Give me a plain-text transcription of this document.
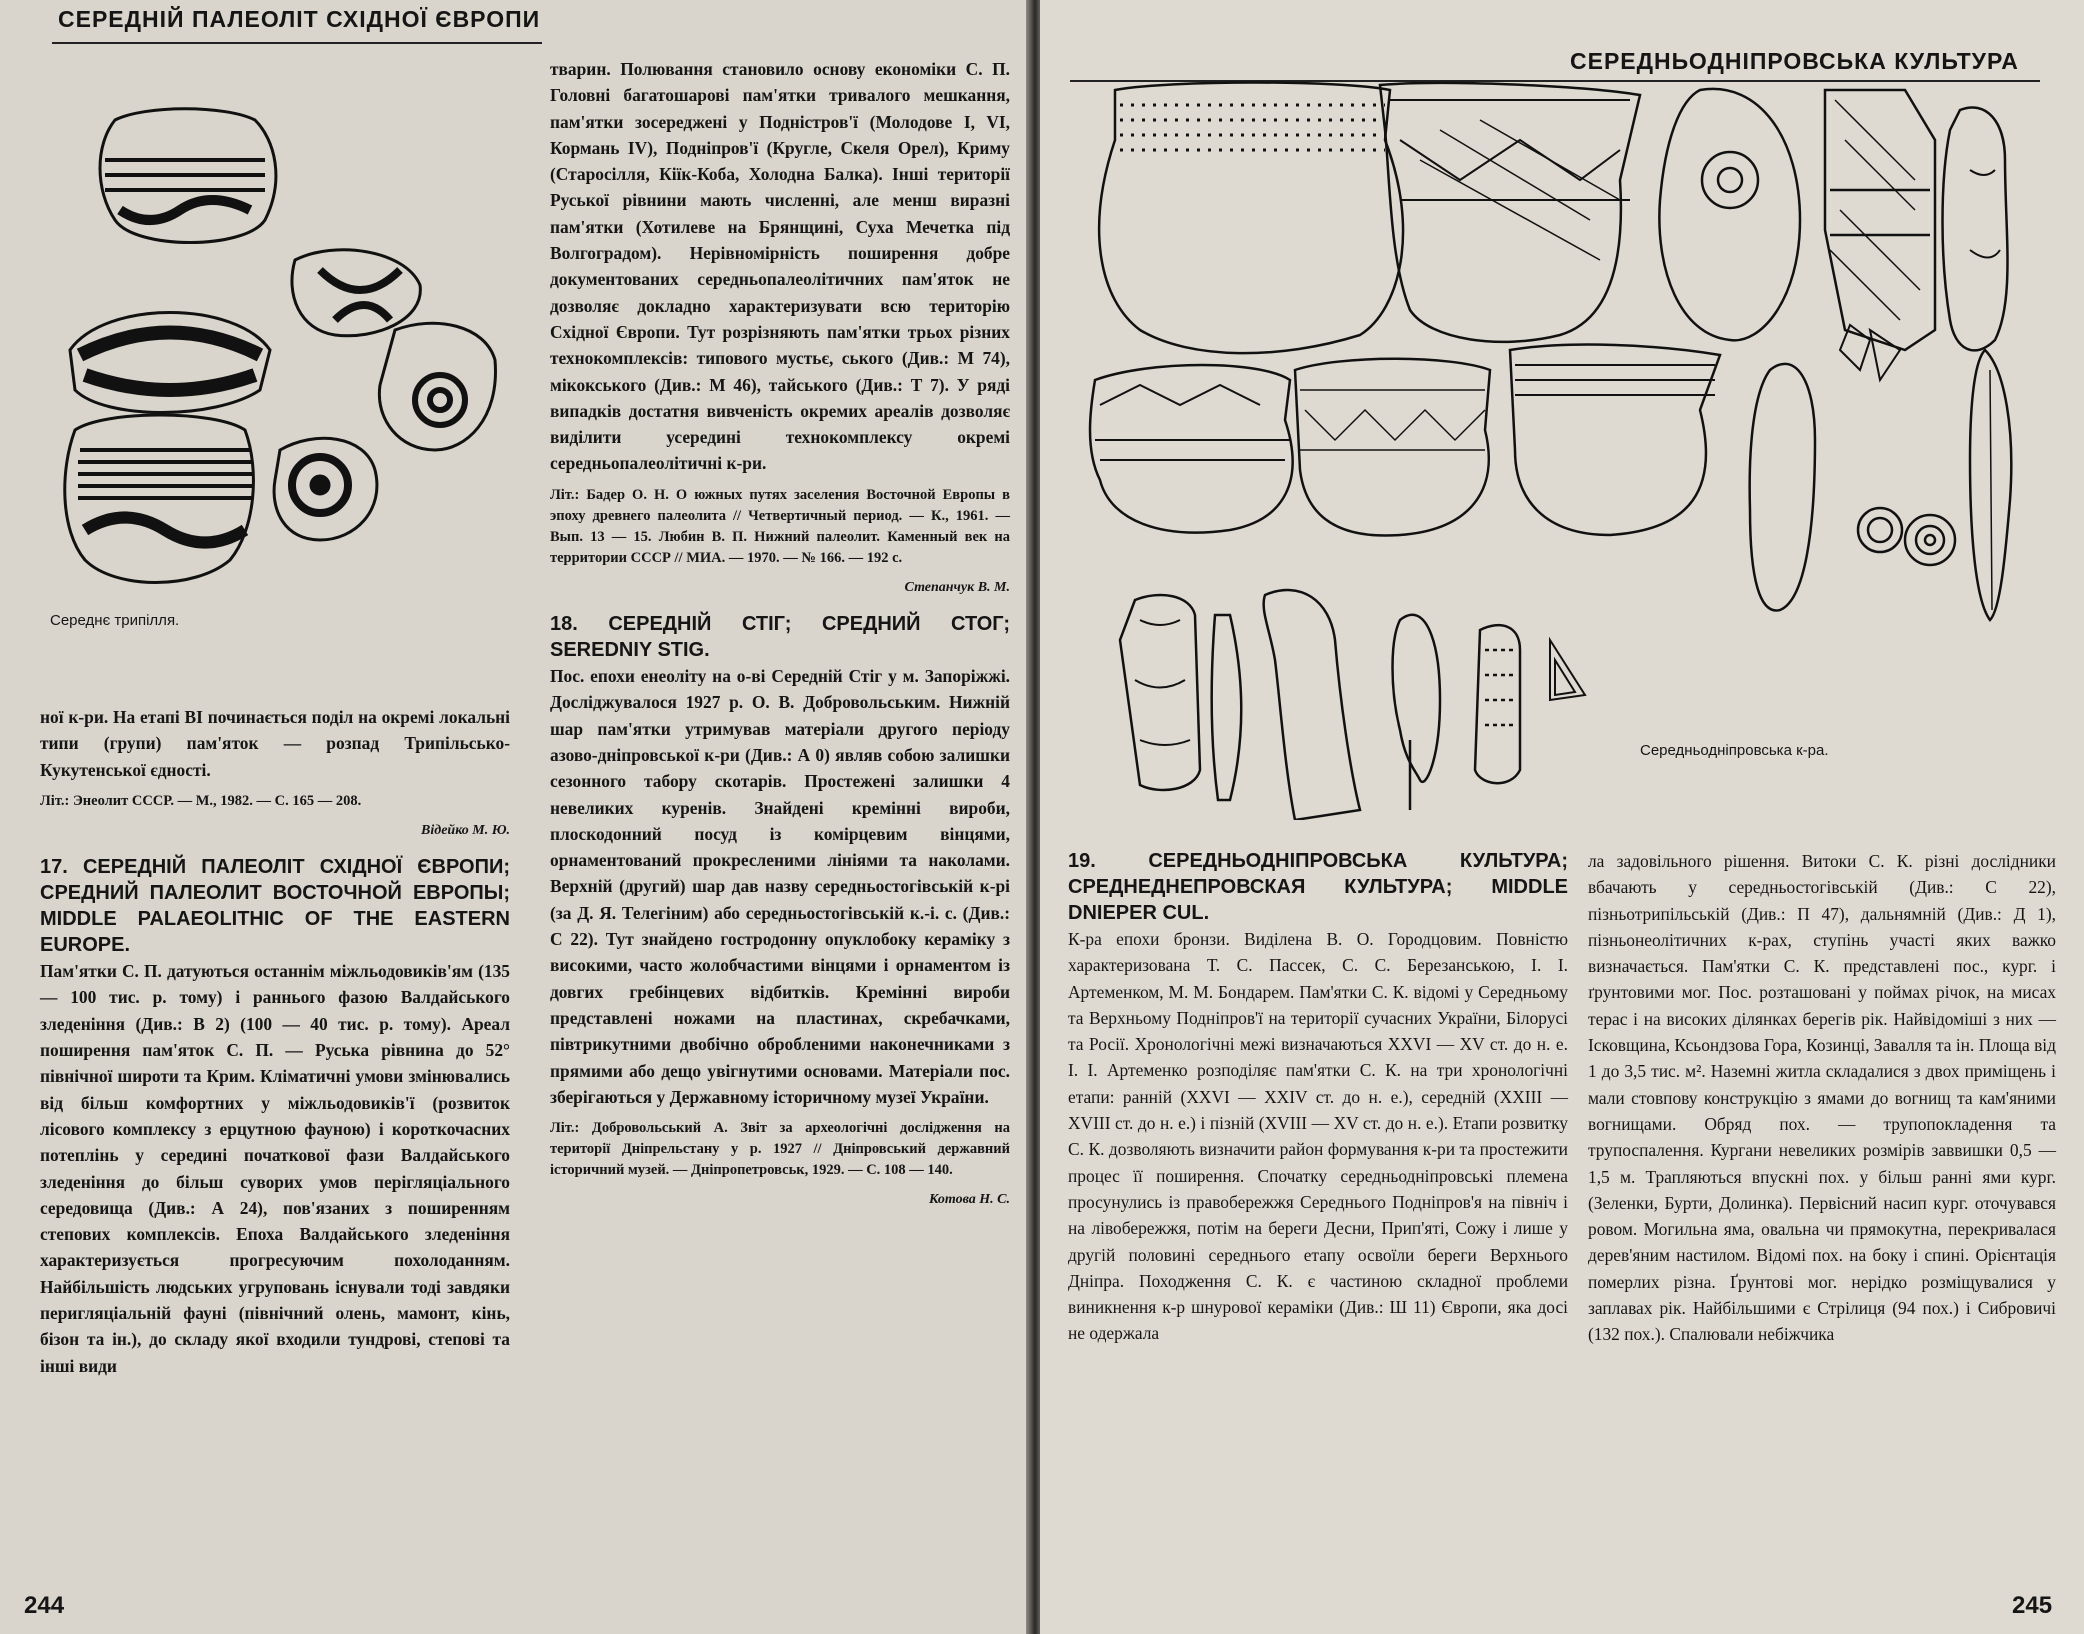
СЕРЕДНІЙ ПАЛЕОЛІТ СХІДНОЇ ЄВРОПИ
Середнє трипілля.

ної к-ри. На етапі ВІ починається поділ на окремі локальні типи (групи) пам'яток — розпад Трипільсько-Кукутенської єдності.

Літ.: Энеолит СССР. — М., 1982. — С. 165 — 208.

Відейко М. Ю.

17. СЕРЕДНІЙ ПАЛЕОЛІТ СХІДНОЇ ЄВРОПИ; СРЕДНИЙ ПАЛЕОЛИТ ВОСТОЧНОЙ ЕВРОПЫ; MIDDLE PALAEOLITHIC OF THE EASTERN EUROPE.

Пам'ятки С. П. датуються останнім міжльодовиків'ям (135 — 100 тис. р. тому) і раннього фазою Валдайського зледеніння (Див.: В 2) (100 — 40 тис. р. тому). Ареал поширення пам'яток С. П. — Руська рівнина до 52° північної широти та Крим. Кліматичні умови змінювались від більш комфортних у міжльодовиків'ї (розвиток лісового комплексу з ерцутною фауною) і короткочасних потеплінь у середині початкової фази Валдайського зледеніння до більш суворих умов перігляціального середовища (Див.: А 24), пов'язаних з поширенням степових комплексів. Епоха Валдайського зледеніння характеризується прогресуючим похолоданням. Найбільшість людських угруповань існували тоді завдяки перигляціальній фауні (північний олень, мамонт, кінь, бізон та ін.), до складу якої входили тундрові, степові та інші види

тварин. Полювання становило основу економіки С. П. Головні багатошарові пам'ятки тривалого мешкання, пам'ятки зосереджені у Подністров'ї (Молодове I, VI, Кормань IV), Подніпров'ї (Кругле, Скеля Орел), Криму (Старосілля, Кіїк-Коба, Холодна Балка). Інші території Руської рівнини мають численні, але менш виразні пам'ятки (Хотилеве на Брянщині, Суха Мечетка під Волгоградом). Нерівномірність поширення добре документованих середньопалеолітичних пам'яток не дозволяє докладно характеризувати всю територію Східної Європи. Тут розрізняють пам'ятки трьох різних технокомплексів: типового мустьє, ського (Див.: М 74), мікокського (Див.: М 46), тайського (Див.: Т 7). У ряді випадків достатня вивченість окремих ареалів дозволяє виділити усередині технокомплексу окремі середньопалеолітичні к-ри.

Літ.: Бадер О. Н. О южных путях заселения Восточной Европы в эпоху древнего палеолита // Четвертичный период. — К., 1961. — Вып. 13 — 15. Любин В. П. Нижний палеолит. Каменный век на территории СССР // МИА. — 1970. — № 166. — 192 с.

Степанчук В. М.

18. СЕРЕДНІЙ СТІГ; СРЕДНИЙ СТОГ; SEREDNIY STIG.

Пос. епохи енеоліту на о-ві Середній Стіг у м. Запоріжжі. Досліджувалося 1927 р. О. В. Добровольським. Нижній шар пам'ятки утримував матеріали другого періоду азово-дніпровської к-ри (Див.: А 0) являв собою залишки сезонного табору скотарів. Простежені залишки 4 невеликих куренів. Знайдені кремінні вироби, плоскодонний посуд із комірцевим вінцями, орнаментований прокресленими лініями та наколами. Верхній (другий) шар дав назву середньостогівській к-рі (за Д. Я. Телегіним) або середньостогівській к.-і. с. (Див.: С 22). Тут знайдено гостродонну опуклобоку кераміку з високими, часто жолобчастими вінцями і орнаментом із довгих гребінцевих відбитків. Кремінні вироби представлені ножами на пластинах, скребачками, півтрикутними двобічно обробленими наконечниками з прямими або дещо увігнутими основами. Матеріали пос. зберігаються у Державному історичному музеї України.

Літ.: Добровольський А. Звіт за археологічні дослідження на території Дніпрельстану у р. 1927 // Дніпровський державний історичний музей. — Дніпропетровськ, 1929. — С. 108 — 140.

Котова Н. С.

244
СЕРЕДНЬОДНІПРОВСЬКА КУЛЬТУРА
Середньодніпровська к-ра.

19. СЕРЕДНЬОДНІПРОВСЬКА КУЛЬТУРА; СРЕДНЕДНЕПРОВСКАЯ КУЛЬТУРА; MIDDLE DNIEPER CUL.

К-ра епохи бронзи. Виділена В. О. Городцовим. Повністю характеризована Т. С. Пассек, С. С. Березанською, І. І. Артеменком, М. М. Бондарем. Пам'ятки С. К. відомі у Середньому та Верхньому Подніпров'ї на території сучасних України, Білорусі та Росії. Хронологічні межі визначаються XXVI — XV ст. до н. е. І. І. Артеменко розподіляє пам'ятки С. К. на три хронологічні етапи: ранній (XXVI — XXIV ст. до н. е.), середній (XXIII — XVIII ст. до н. е.) і пізній (XVIII — XV ст. до н. е.). Етапи розвитку С. К. дозволяють визначити район формування к-ри та простежити процес її поширення. Спочатку середньодніпровські племена просунулись із правобережжя Середнього Подніпров'я на північ і на лівобережжя, потім на береги Десни, Прип'яті, Сожу і лише у другій половині середнього етапу освоїли береги Верхнього Дніпра. Походження С. К. є частиною складної проблеми виникнення к-р шнурової кераміки (Див.: Ш 11) Європи, яка досі не одержала

ла задовільного рішення. Витоки С. К. різні дослідники вбачають у середньостогівській (Див.: С 22), пізньотрипільській (Див.: П 47), дальнямній (Див.: Д 1), пізньонеолітичних к-рах, ступінь участі яких важко визначається. Пам'ятки С. К. представлені пос., кург. і ґрунтовими мог. Пос. розташовані у поймах річок, на мисах терас і на високих ділянках берегів рік. Найвідоміші з них — Ісковщина, Ксьондзова Гора, Козинці, Завалля та ін. Площа від 1 до 3,5 тис. м². Наземні житла складалися з двох приміщень і мали стовпову конструкцію з ямами до вогнищ та кам'яними вогнищами. Обряд пох. — трупопокладення та трупоспалення. Кургани невеликих розмірів заввишки 0,5 — 1,5 м. Трапляються впускні пох. у більш ранні ями кург. (Зеленки, Бурти, Долинка). Первісний насип кург. оточувався ровом. Могильна яма, овальна чи прямокутна, перекривалася дерев'яним настилом. Відомі пох. на боку і спині. Орієнтація померлих різна. Ґрунтові мог. нерідко розміщувалися у заплавах рік. Найбільшими є Стрілиця (94 пох.) і Сибровичі (132 пох.). Спалювали небіжчика

245
